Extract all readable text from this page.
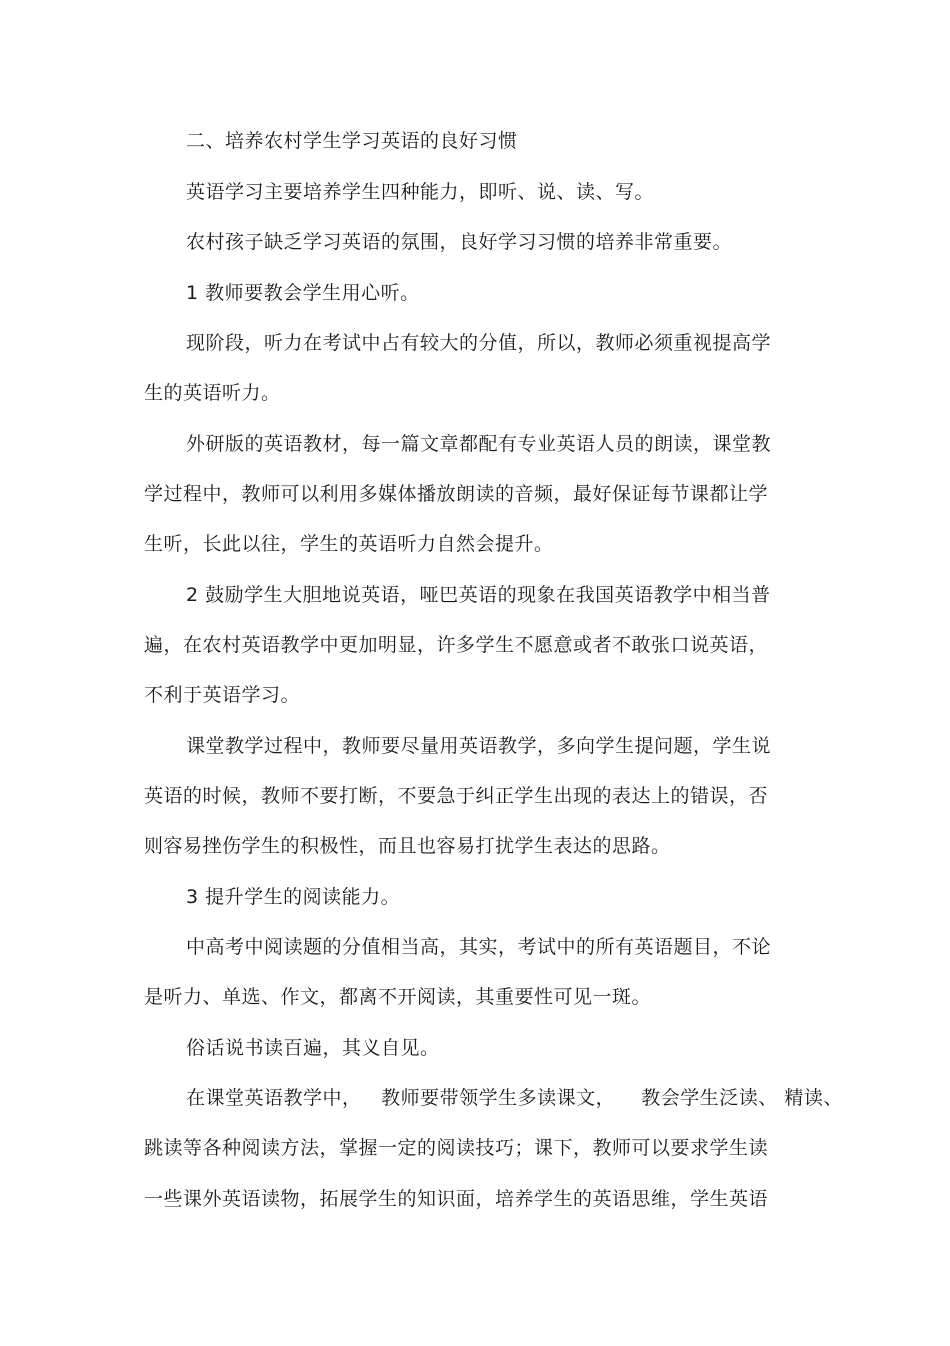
二、培养农村学生学习英语的良好习惯
英语学习主要培养学生四种能力，即听、说、读、写。
农村孩子缺乏学习英语的氛围，良好学习习惯的培养非常重要。
1 教师要教会学生用心听。
现阶段，听力在考试中占有较大的分值，所以，教师必须重视提高学
生的英语听力。
外研版的英语教材，每一篇文章都配有专业英语人员的朗读，课堂教
学过程中，教师可以利用多媒体播放朗读的音频，最好保证每节课都让学
生听，长此以往，学生的英语听力自然会提升。
2 鼓励学生大胆地说英语，哑巴英语的现象在我国英语教学中相当普
遍，在农村英语教学中更加明显，许多学生不愿意或者不敢张口说英语，
不利于英语学习。
课堂教学过程中，教师要尽量用英语教学，多向学生提问题，学生说
英语的时候，教师不要打断，不要急于纠正学生出现的表达上的错误，否
则容易挫伤学生的积极性，而且也容易打扰学生表达的思路。
3 提升学生的阅读能力。
中高考中阅读题的分值相当高，其实，考试中的所有英语题目，不论
是听力、单选、作文，都离不开阅读，其重要性可见一斑。
俗话说书读百遍，其义自见。
在课堂英语教学中，   教师要带领学生多读课文，    教会学生泛读、 精读、
跳读等各种阅读方法，掌握一定的阅读技巧；课下，教师可以要求学生读
一些课外英语读物，拓展学生的知识面，培养学生的英语思维，学生英语
